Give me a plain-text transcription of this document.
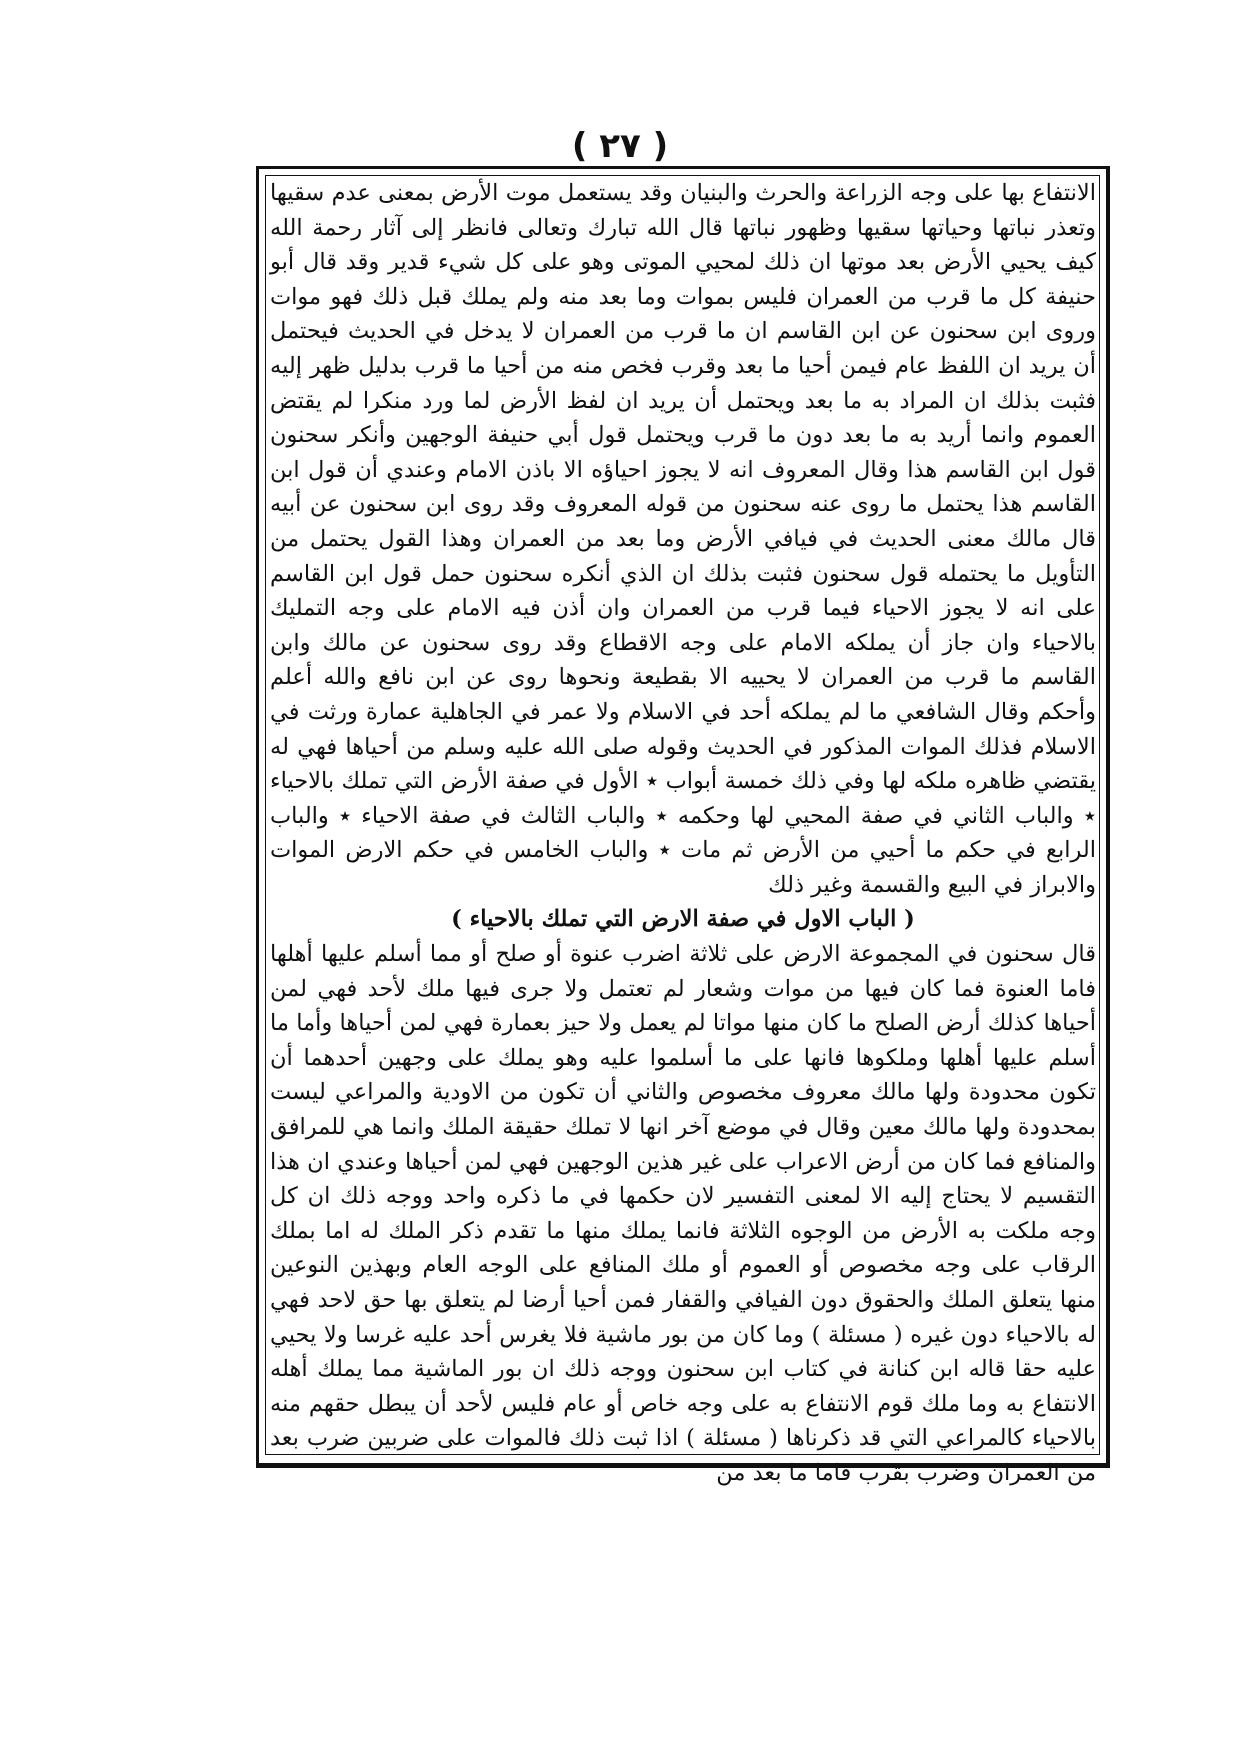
( ٢٧ )

الانتفاع بها على وجه الزراعة والحرث والبنيان وقد يستعمل موت الأرض بمعنى عدم سقيها وتعذر نباتها وحياتها سقيها وظهور نباتها قال الله تبارك وتعالى فانظر إلى آثار رحمة الله كيف يحيي الأرض بعد موتها ان ذلك لمحيي الموتى وهو على كل شيء قدير وقد قال أبو حنيفة كل ما قرب من العمران فليس بموات وما بعد منه ولم يملك قبل ذلك فهو موات وروى ابن سحنون عن ابن القاسم ان ما قرب من العمران لا يدخل في الحديث فيحتمل أن يريد ان اللفظ عام فيمن أحيا ما بعد وقرب فخص منه من أحيا ما قرب بدليل ظهر إليه فثبت بذلك ان المراد به ما بعد ويحتمل أن يريد ان لفظ الأرض لما ورد منكرا لم يقتض العموم وانما أريد به ما بعد دون ما قرب ويحتمل قول أبي حنيفة الوجهين وأنكر سحنون قول ابن القاسم هذا وقال المعروف انه لا يجوز احياؤه الا باذن الامام وعندي أن قول ابن القاسم هذا يحتمل ما روى عنه سحنون من قوله المعروف وقد روى ابن سحنون عن أبيه قال مالك معنى الحديث في فيافي الأرض وما بعد من العمران وهذا القول يحتمل من التأويل ما يحتمله قول سحنون فثبت بذلك ان الذي أنكره سحنون حمل قول ابن القاسم على انه لا يجوز الاحياء فيما قرب من العمران وان أذن فيه الامام على وجه التمليك بالاحياء وان جاز أن يملكه الامام على وجه الاقطاع وقد روى سحنون عن مالك وابن القاسم ما قرب من العمران لا يحييه الا بقطيعة ونحوها روى عن ابن نافع والله أعلم وأحكم وقال الشافعي ما لم يملكه أحد في الاسلام ولا عمر في الجاهلية عمارة ورثت في الاسلام فذلك الموات المذكور في الحديث وقوله صلى الله عليه وسلم من أحياها فهي له يقتضي ظاهره ملكه لها وفي ذلك خمسة أبواب ٭ الأول في صفة الأرض التي تملك بالاحياء ٭ والباب الثاني في صفة المحيي لها وحكمه ٭ والباب الثالث في صفة الاحياء ٭ والباب الرابع في حكم ما أحيي من الأرض ثم مات ٭ والباب الخامس في حكم الارض الموات والابراز في البيع والقسمة وغير ذلك

( الباب الاول في صفة الارض التي تملك بالاحياء )

قال سحنون في المجموعة الارض على ثلاثة اضرب عنوة أو صلح أو مما أسلم عليها أهلها فاما العنوة فما كان فيها من موات وشعار لم تعتمل ولا جرى فيها ملك لأحد فهي لمن أحياها كذلك أرض الصلح ما كان منها مواتا لم يعمل ولا حيز بعمارة فهي لمن أحياها وأما ما أسلم عليها أهلها وملكوها فانها على ما أسلموا عليه وهو يملك على وجهين أحدهما أن تكون محدودة ولها مالك معروف مخصوص والثاني أن تكون من الاودية والمراعي ليست بمحدودة ولها مالك معين وقال في موضع آخر انها لا تملك حقيقة الملك وانما هي للمرافق والمنافع فما كان من أرض الاعراب على غير هذين الوجهين فهي لمن أحياها وعندي ان هذا التقسيم لا يحتاج إليه الا لمعنى التفسير لان حكمها في ما ذكره واحد ووجه ذلك ان كل وجه ملكت به الأرض من الوجوه الثلاثة فانما يملك منها ما تقدم ذكر الملك له اما بملك الرقاب على وجه مخصوص أو العموم أو ملك المنافع على الوجه العام وبهذين النوعين منها يتعلق الملك والحقوق دون الفيافي والقفار فمن أحيا أرضا لم يتعلق بها حق لاحد فهي له بالاحياء دون غيره ( مسئلة ) وما كان من بور ماشية فلا يغرس أحد عليه غرسا ولا يحيي عليه حقا قاله ابن كنانة في كتاب ابن سحنون ووجه ذلك ان بور الماشية مما يملك أهله الانتفاع به وما ملك قوم الانتفاع به على وجه خاص أو عام فليس لأحد أن يبطل حقهم منه بالاحياء كالمراعي التي قد ذكرناها ( مسئلة ) اذا ثبت ذلك فالموات على ضربين ضرب بعد من العمران وضرب بقرب فاما ما بعد من
